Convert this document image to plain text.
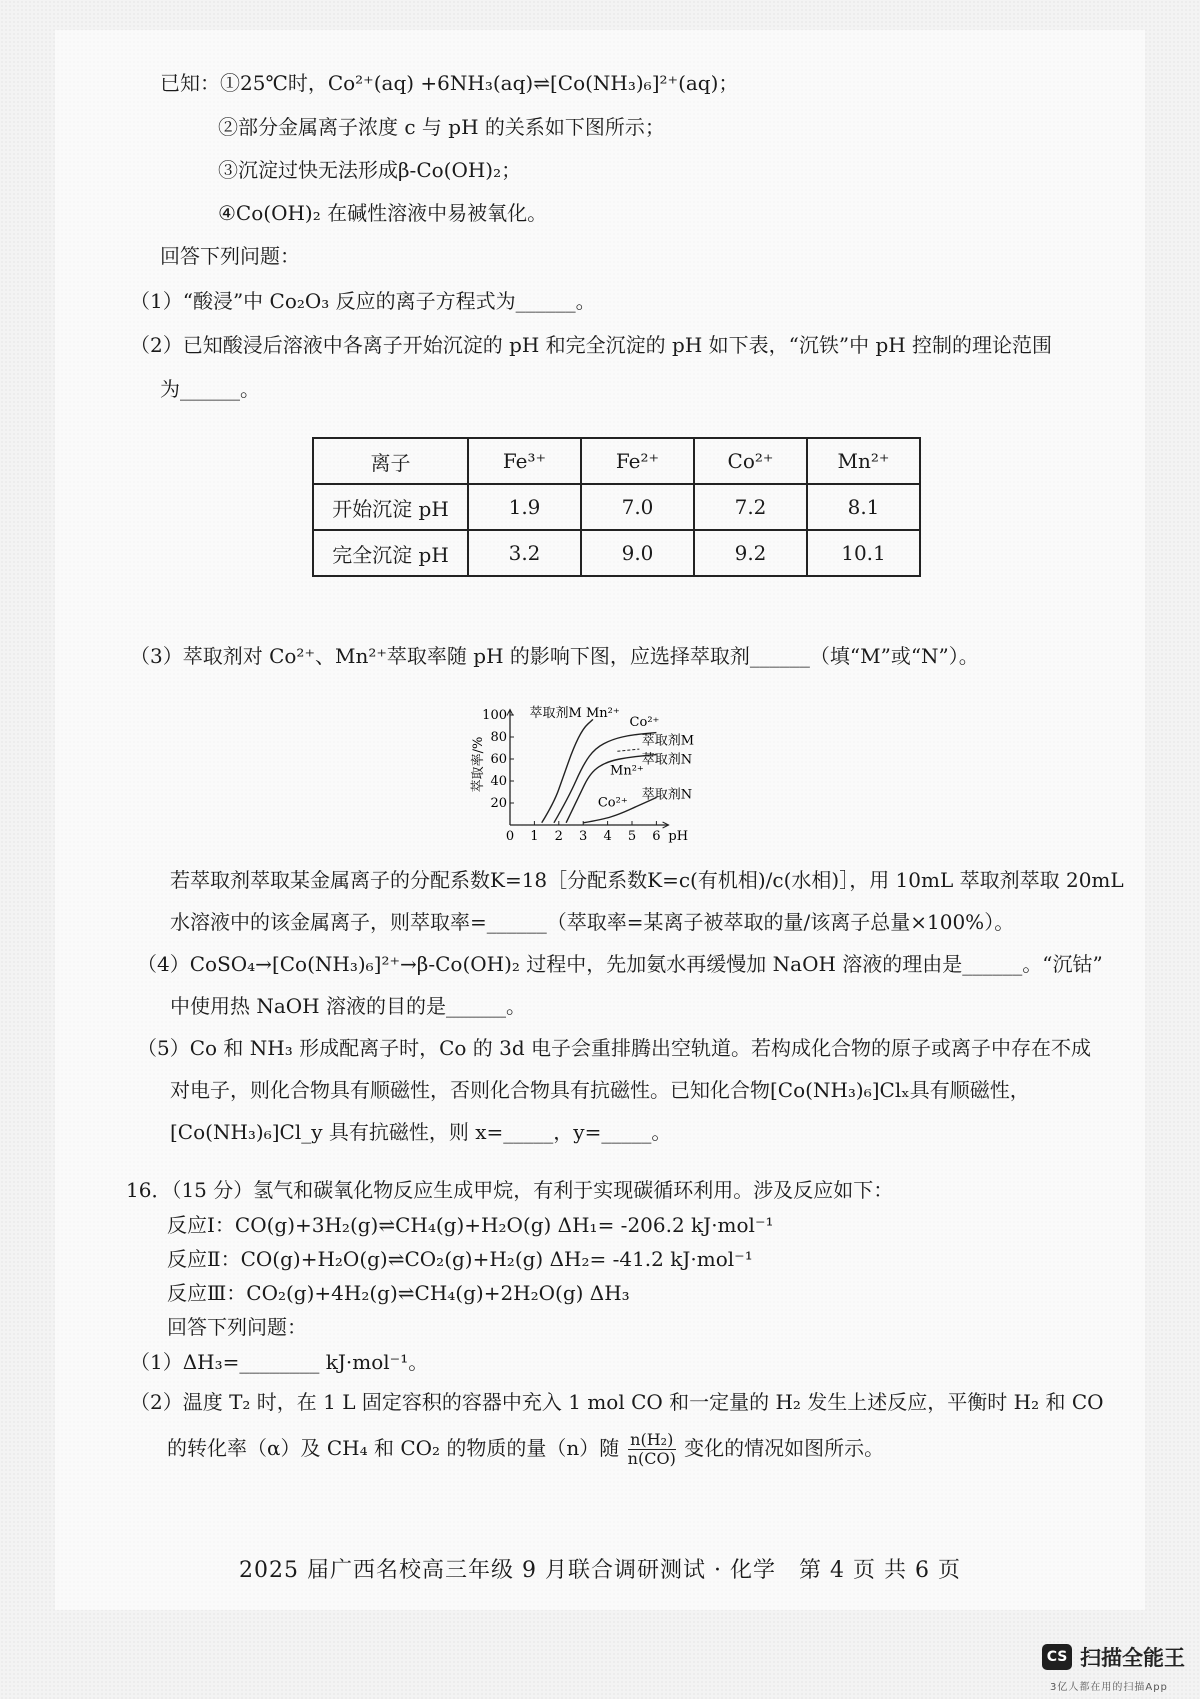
已知：①25℃时，Co²⁺(aq) +6NH₃(aq)⇌[Co(NH₃)₆]²⁺(aq)；
②部分金属离子浓度 c 与 pH 的关系如下图所示；
③沉淀过快无法形成β-Co(OH)₂；
④Co(OH)₂ 在碱性溶液中易被氧化。
回答下列问题：
（1）“酸浸”中 Co₂O₃ 反应的离子方程式为______。
（2）已知酸浸后溶液中各离子开始沉淀的 pH 和完全沉淀的 pH 如下表，“沉铁”中 pH 控制的理论范围
为______。
离子	Fe³⁺	Fe²⁺	Co²⁺	Mn²⁺
开始沉淀 pH	1.9	7.0	7.2	8.1
完全沉淀 pH	3.2	9.0	9.2	10.1
（3）萃取剂对 Co²⁺、Mn²⁺萃取率随 pH 的影响下图，应选择萃取剂______（填“M”或“N”）。
0 1 2 3 4 5 6
20
40
60
80
100
pH
萃取率/%
萃取剂M Mn²⁺
Co²⁺
萃取剂M
Mn²⁺
萃取剂N
Co²⁺
萃取剂N
若萃取剂萃取某金属离子的分配系数K=18［分配系数K=c(有机相)/c(水相)］，用 10mL 萃取剂萃取 20mL
水溶液中的该金属离子，则萃取率=______（萃取率=某离子被萃取的量/该离子总量×100%）。
（4）CoSO₄→[Co(NH₃)₆]²⁺→β-Co(OH)₂ 过程中，先加氨水再缓慢加 NaOH 溶液的理由是______。“沉钴”
中使用热 NaOH 溶液的目的是______。
（5）Co 和 NH₃ 形成配离子时，Co 的 3d 电子会重排腾出空轨道。若构成化合物的原子或离子中存在不成
对电子，则化合物具有顺磁性，否则化合物具有抗磁性。已知化合物[Co(NH₃)₆]Clₓ具有顺磁性，
[Co(NH₃)₆]Cl_y 具有抗磁性，则 x=_____，y=_____。
16．（15 分）氢气和碳氧化物反应生成甲烷，有利于实现碳循环利用。涉及反应如下：
反应Ⅰ：CO(g)+3H₂(g)⇌CH₄(g)+H₂O(g) ΔH₁= -206.2 kJ·mol⁻¹
反应Ⅱ：CO(g)+H₂O(g)⇌CO₂(g)+H₂(g) ΔH₂= -41.2 kJ·mol⁻¹
反应Ⅲ：CO₂(g)+4H₂(g)⇌CH₄(g)+2H₂O(g) ΔH₃
回答下列问题：
（1）ΔH₃=________ kJ·mol⁻¹。
（2）温度 T₂ 时，在 1 L 固定容积的容器中充入 1 mol CO 和一定量的 H₂ 发生上述反应，平衡时 H₂ 和 CO
的转化率（α）及 CH₄ 和 CO₂ 的物质的量（n）随 $\frac{\text{n(H₂)}}{n(CO)}$ 变化的情况如图所示。
2025 届广西名校高三年级 9 月联合调研测试 · 化学　第 4 页 共 6 页
CS 扫描全能王
3亿人都在用的扫描App
